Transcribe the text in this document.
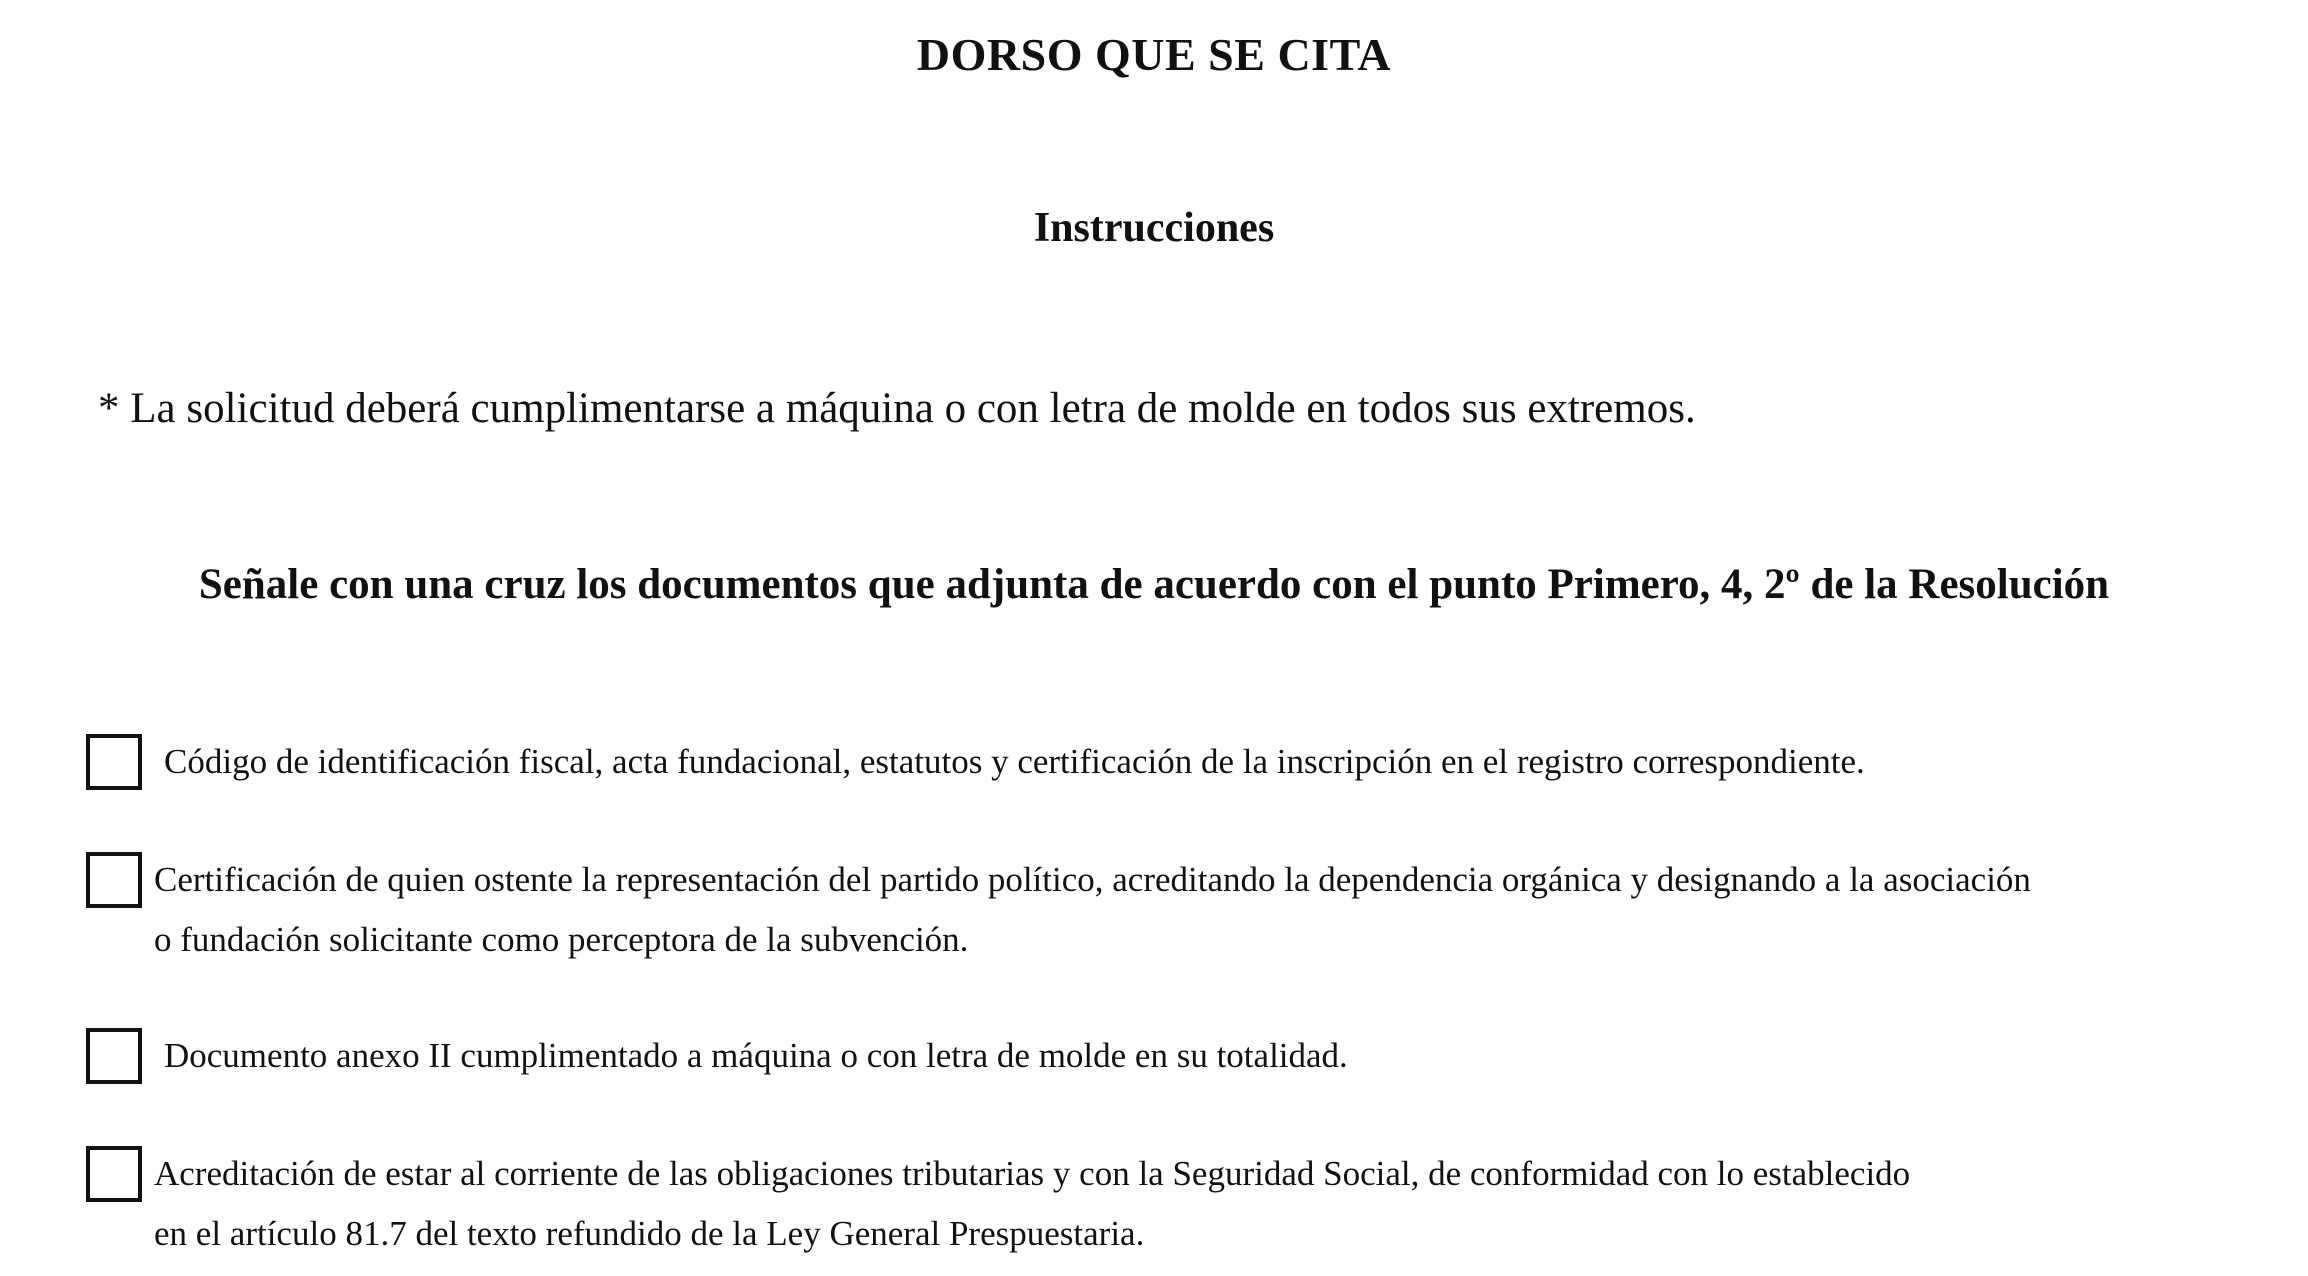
DORSO QUE SE CITA
Instrucciones

* La solicitud deberá cumplimentarse a máquina o con letra de molde en todos sus extremos.

Señale con una cruz los documentos que adjunta de acuerdo con el punto Primero, 4, 2º de la Resolución

Código de identificación fiscal, acta fundacional, estatutos y certificación de la inscripción en el registro correspondiente.

Certificación de quien ostente la representación del partido político, acreditando la dependencia orgánica y designando a la asociación

o fundación solicitante como perceptora de la subvención.

Documento anexo II cumplimentado a máquina o con letra de molde en su totalidad.

Acreditación de estar al corriente de las obligaciones tributarias y con la Seguridad Social, de conformidad con lo establecido

en el artículo 81.7 del texto refundido de la Ley General Prespuestaria.
